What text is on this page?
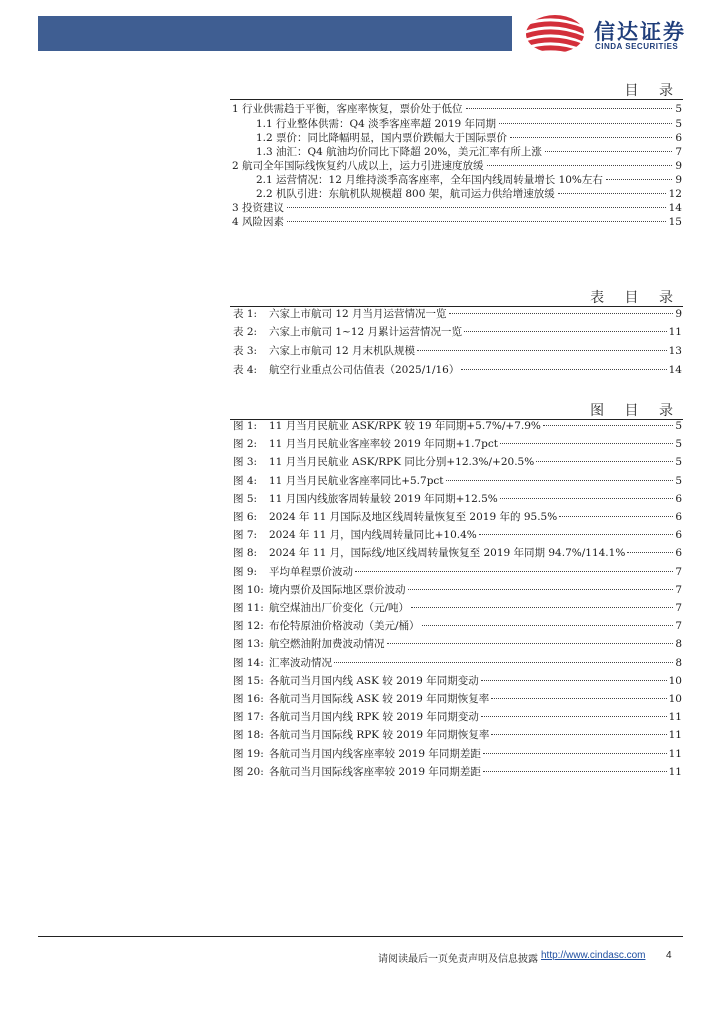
信达证券
CINDA SECURITIES
目 录
1 行业供需趋于平衡，客座率恢复，票价处于低位	5
1.1 行业整体供需：Q4 淡季客座率超 2019 年同期	5
1.2 票价：同比降幅明显，国内票价跌幅大于国际票价	6
1.3 油汇：Q4 航油均价同比下降超 20%，美元汇率有所上涨	7
2 航司全年国际线恢复约八成以上，运力引进速度放缓	9
2.1 运营情况：12 月维持淡季高客座率，全年国内线周转量增长 10%左右	9
2.2 机队引进：东航机队规模超 800 架，航司运力供给增速放缓	12
3 投资建议	14
4 风险因素	15
表 目 录
表 1:	六家上市航司 12 月当月运营情况一览	9
表 2:	六家上市航司 1~12 月累计运营情况一览	11
表 3:	六家上市航司 12 月末机队规模	13
表 4:	航空行业重点公司估值表（2025/1/16）	14
图 目 录
图 1:	11 月当月民航业 ASK/RPK 较 19 年同期+5.7%/+7.9%	5
图 2:	11 月当月民航业客座率较 2019 年同期+1.7pct	5
图 3:	11 月当月民航业 ASK/RPK 同比分别+12.3%/+20.5%	5
图 4:	11 月当月民航业客座率同比+5.7pct	5
图 5:	11 月国内线旅客周转量较 2019 年同期+12.5%	6
图 6:	2024 年 11 月国际及地区线周转量恢复至 2019 年的 95.5%	6
图 7:	2024 年 11 月，国内线周转量同比+10.4%	6
图 8:	2024 年 11 月，国际线/地区线周转量恢复至 2019 年同期 94.7%/114.1%	6
图 9:	平均单程票价波动	7
图 10: 境内票价及国际地区票价波动	7
图 11: 航空煤油出厂价变化（元/吨）	7
图 12: 布伦特原油价格波动（美元/桶）	7
图 13: 航空燃油附加费波动情况	8
图 14: 汇率波动情况	8
图 15: 各航司当月国内线 ASK 较 2019 年同期变动	10
图 16: 各航司当月国际线 ASK 较 2019 年同期恢复率	10
图 17: 各航司当月国内线 RPK 较 2019 年同期变动	11
图 18: 各航司当月国际线 RPK 较 2019 年同期恢复率	11
图 19: 各航司当月国内线客座率较 2019 年同期差距	11
图 20: 各航司当月国际线客座率较 2019 年同期差距	11
请阅读最后一页免责声明及信息披露 http://www.cindasc.com 4
